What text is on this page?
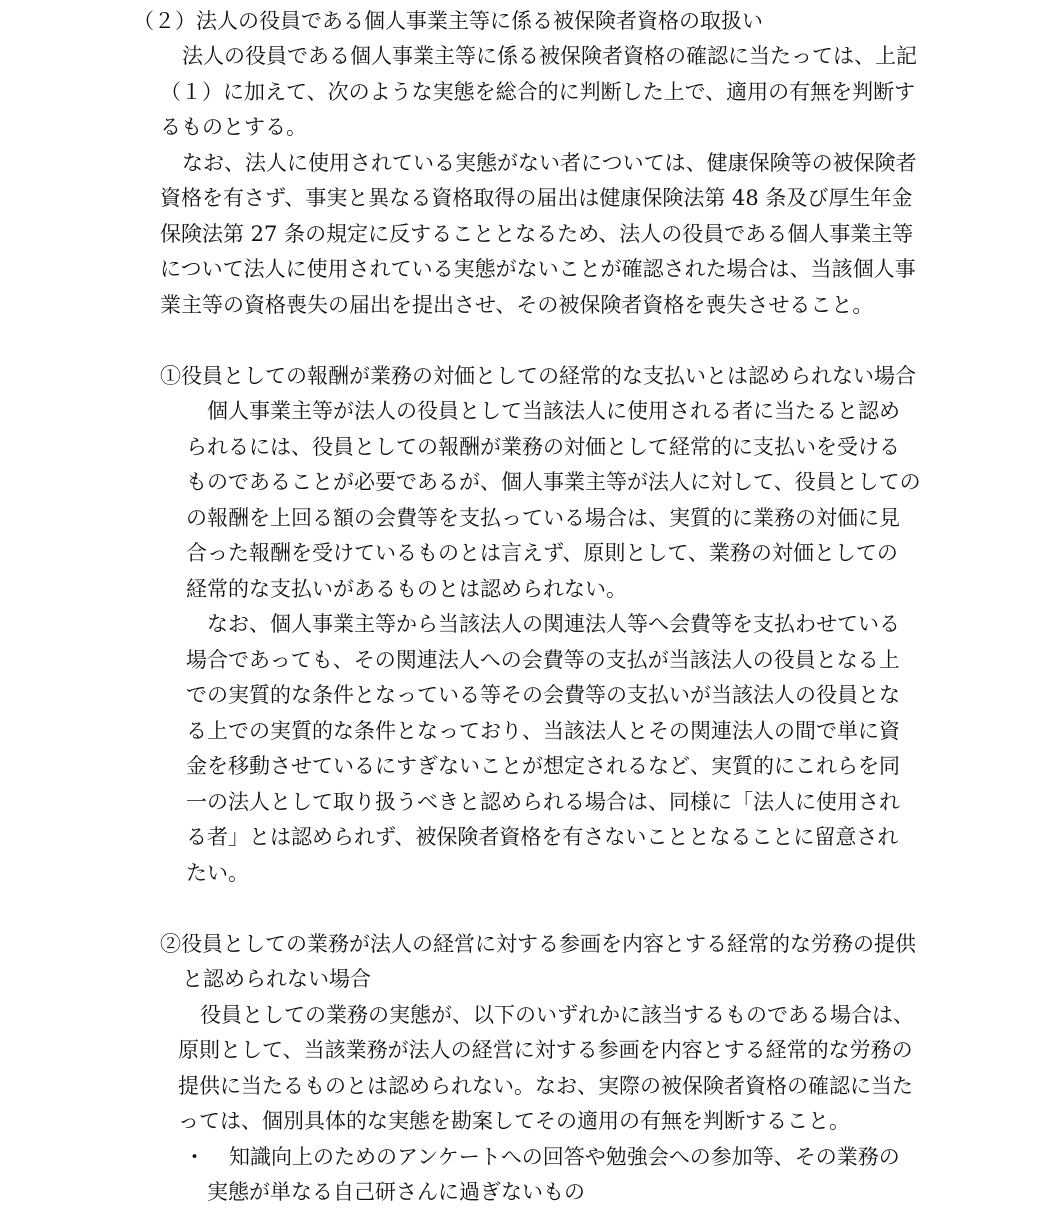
（２）法人の役員である個人事業主等に係る被保険者資格の取扱い
法人の役員である個人事業主等に係る被保険者資格の確認に当たっては、上記
（１）に加えて、次のような実態を総合的に判断した上で、適用の有無を判断す
るものとする。
なお、法人に使用されている実態がない者については、健康保険等の被保険者
資格を有さず、事実と異なる資格取得の届出は健康保険法第 48 条及び厚生年金
保険法第 27 条の規定に反することとなるため、法人の役員である個人事業主等
について法人に使用されている実態がないことが確認された場合は、当該個人事
業主等の資格喪失の届出を提出させ、その被保険者資格を喪失させること。
①役員としての報酬が業務の対価としての経常的な支払いとは認められない場合
個人事業主等が法人の役員として当該法人に使用される者に当たると認め
られるには、役員としての報酬が業務の対価として経常的に支払いを受ける
ものであることが必要であるが、個人事業主等が法人に対して、役員としての
の報酬を上回る額の会費等を支払っている場合は、実質的に業務の対価に見
合った報酬を受けているものとは言えず、原則として、業務の対価としての
経常的な支払いがあるものとは認められない。
なお、個人事業主等から当該法人の関連法人等へ会費等を支払わせている
場合であっても、その関連法人への会費等の支払が当該法人の役員となる上
での実質的な条件となっている等その会費等の支払いが当該法人の役員とな
る上での実質的な条件となっており、当該法人とその関連法人の間で単に資
金を移動させているにすぎないことが想定されるなど、実質的にこれらを同
一の法人として取り扱うべきと認められる場合は、同様に「法人に使用され
る者」とは認められず、被保険者資格を有さないこととなることに留意され
たい。
②役員としての業務が法人の経営に対する参画を内容とする経常的な労務の提供
と認められない場合
役員としての業務の実態が、以下のいずれかに該当するものである場合は、
原則として、当該業務が法人の経営に対する参画を内容とする経常的な労務の
提供に当たるものとは認められない。なお、実際の被保険者資格の確認に当た
っては、個別具体的な実態を勘案してその適用の有無を判断すること。
・ 知識向上のためのアンケートへの回答や勉強会への参加等、その業務の
実態が単なる自己研さんに過ぎないもの
